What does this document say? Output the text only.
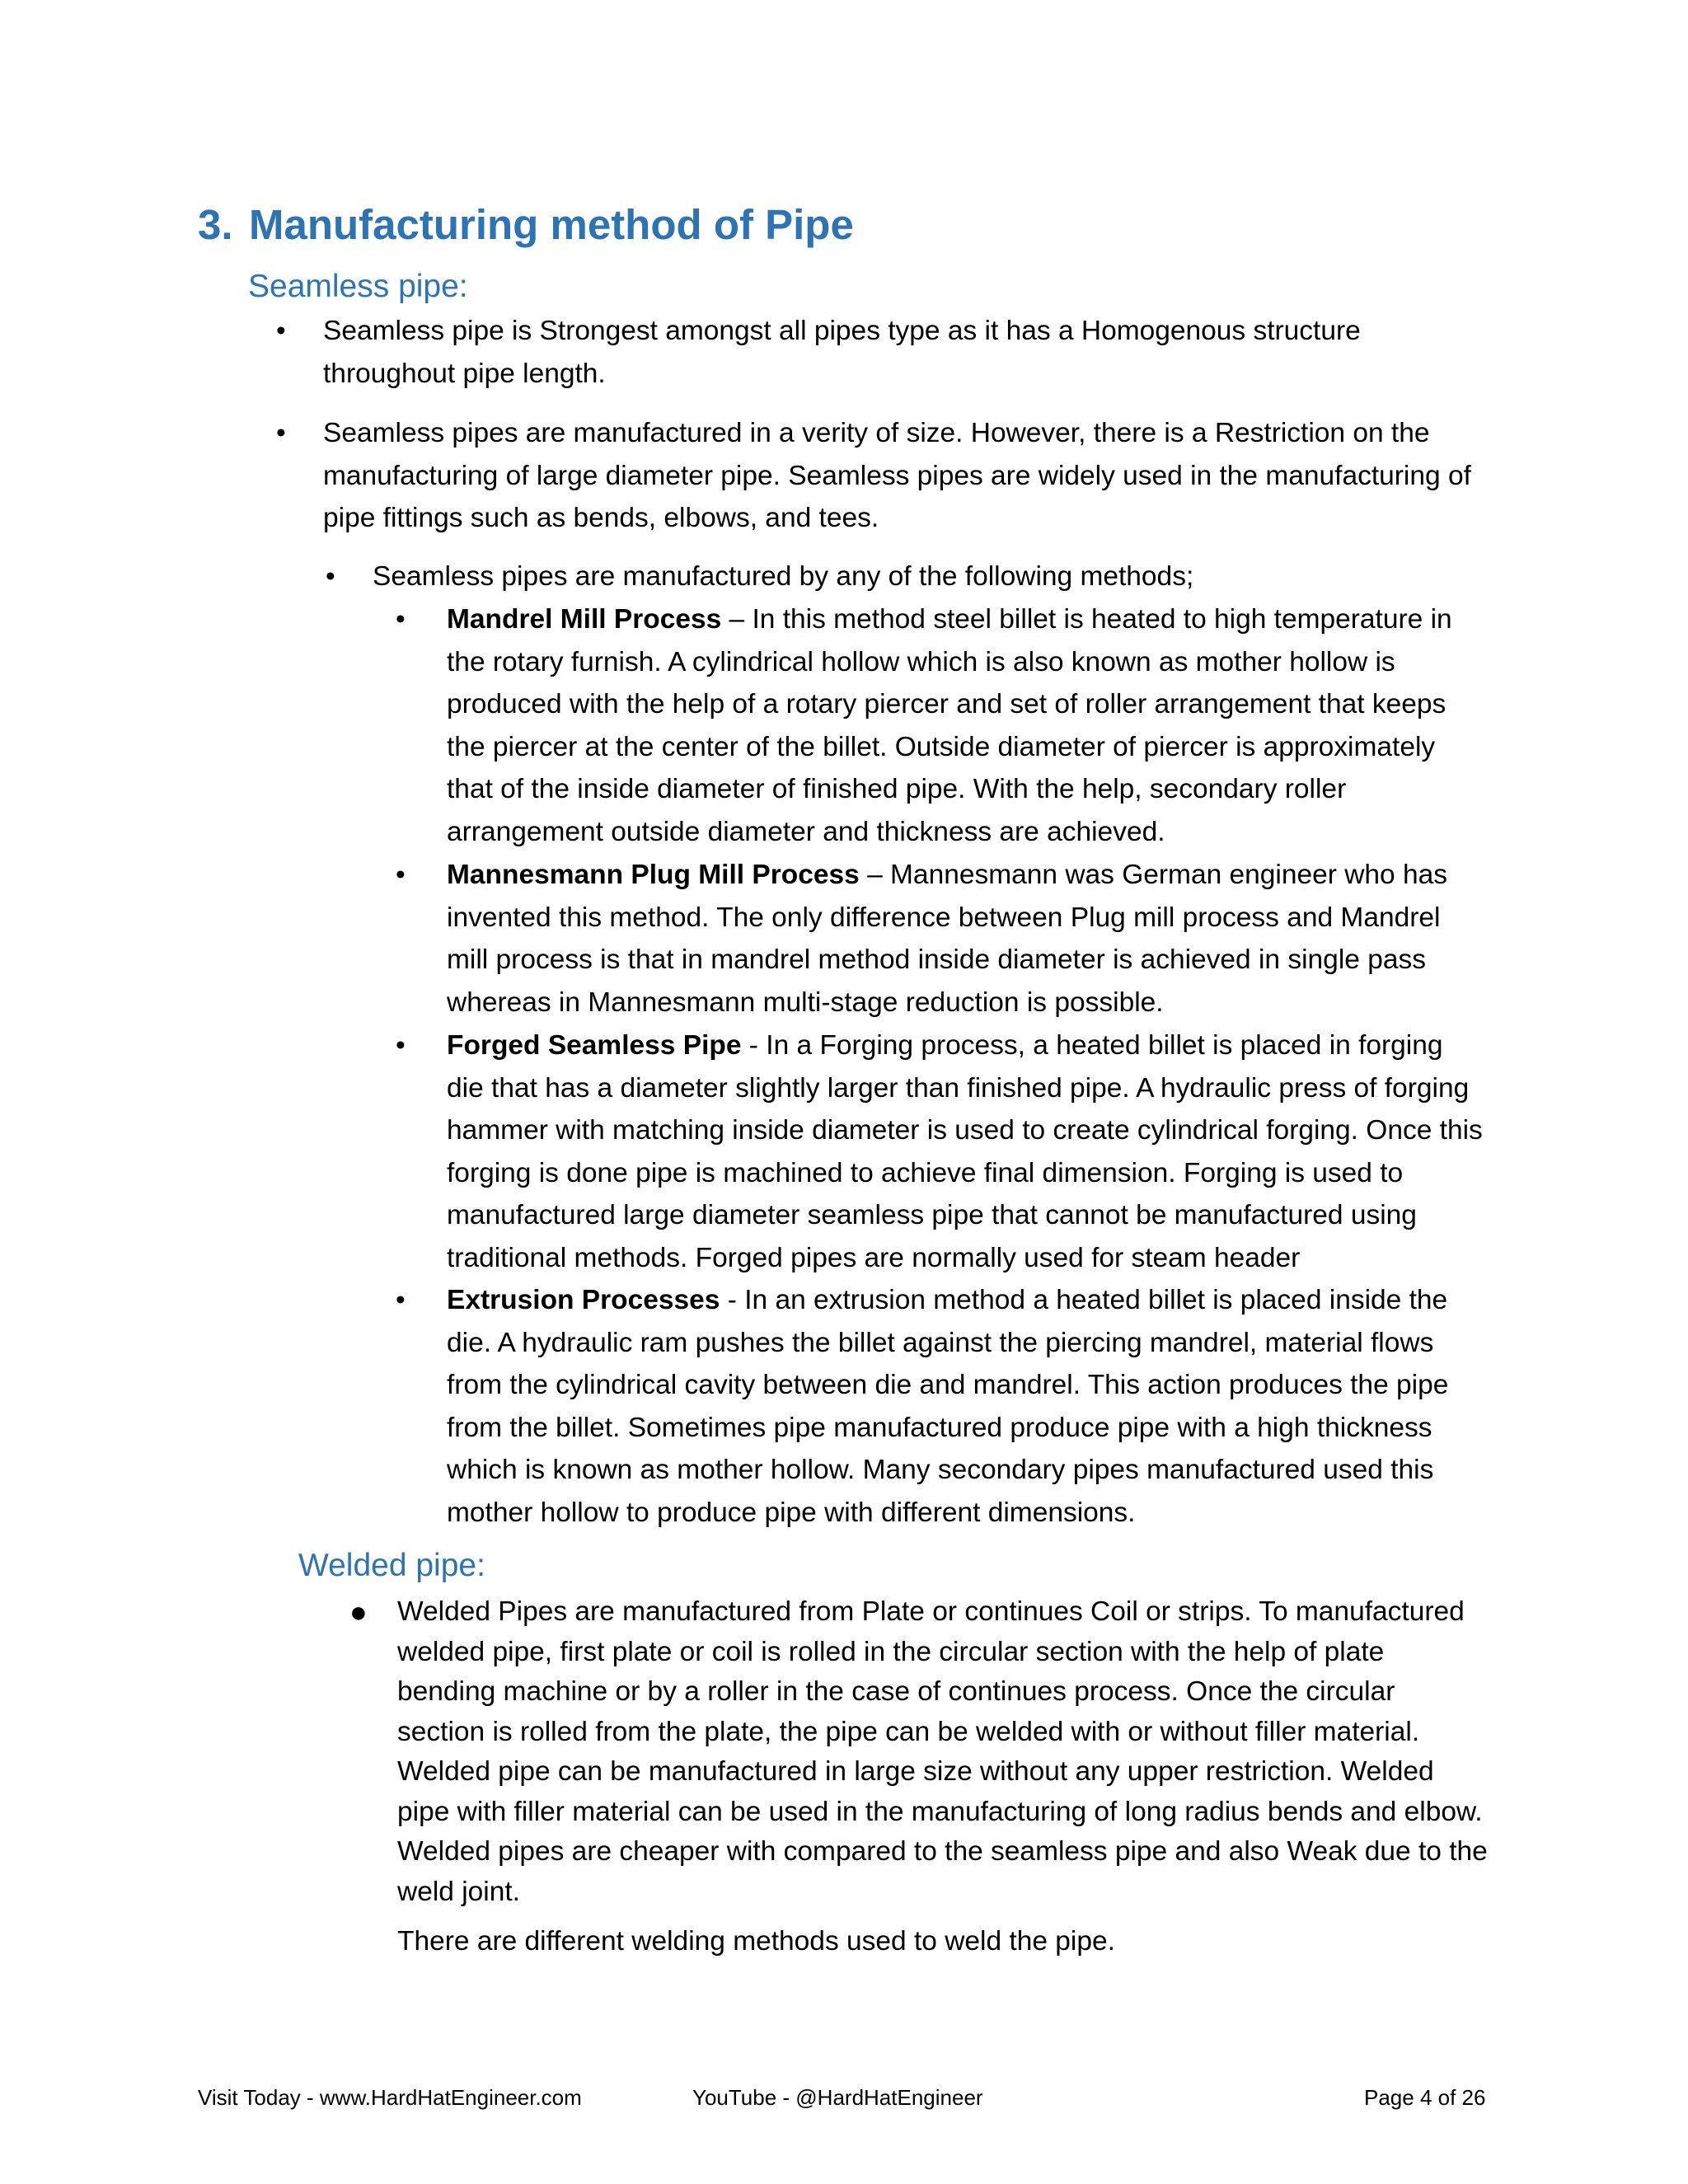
3. Manufacturing method of Pipe
Seamless pipe:
• Seamless pipe is Strongest amongst all pipes type as it has a Homogenous structure throughout pipe length.
• Seamless pipes are manufactured in a verity of size. However, there is a Restriction on the manufacturing of large diameter pipe. Seamless pipes are widely used in the manufacturing of pipe fittings such as bends, elbows, and tees.
• Seamless pipes are manufactured by any of the following methods;
• Mandrel Mill Process – In this method steel billet is heated to high temperature in the rotary furnish. A cylindrical hollow which is also known as mother hollow is produced with the help of a rotary piercer and set of roller arrangement that keeps the piercer at the center of the billet. Outside diameter of piercer is approximately that of the inside diameter of finished pipe. With the help, secondary roller arrangement outside diameter and thickness are achieved.
• Mannesmann Plug Mill Process – Mannesmann was German engineer who has invented this method. The only difference between Plug mill process and Mandrel mill process is that in mandrel method inside diameter is achieved in single pass whereas in Mannesmann multi-stage reduction is possible.
• Forged Seamless Pipe - In a Forging process, a heated billet is placed in forging die that has a diameter slightly larger than finished pipe. A hydraulic press of forging hammer with matching inside diameter is used to create cylindrical forging. Once this forging is done pipe is machined to achieve final dimension. Forging is used to manufactured large diameter seamless pipe that cannot be manufactured using traditional methods. Forged pipes are normally used for steam header
• Extrusion Processes - In an extrusion method a heated billet is placed inside the die. A hydraulic ram pushes the billet against the piercing mandrel, material flows from the cylindrical cavity between die and mandrel. This action produces the pipe from the billet. Sometimes pipe manufactured produce pipe with a high thickness which is known as mother hollow. Many secondary pipes manufactured used this mother hollow to produce pipe with different dimensions.
Welded pipe:
● Welded Pipes are manufactured from Plate or continues Coil or strips. To manufactured welded pipe, first plate or coil is rolled in the circular section with the help of plate bending machine or by a roller in the case of continues process. Once the circular section is rolled from the plate, the pipe can be welded with or without filler material. Welded pipe can be manufactured in large size without any upper restriction. Welded pipe with filler material can be used in the manufacturing of long radius bends and elbow. Welded pipes are cheaper with compared to the seamless pipe and also Weak due to the weld joint.

There are different welding methods used to weld the pipe.

Visit Today - www.HardHatEngineer.com	YouTube - @HardHatEngineer	Page 4 of 26
